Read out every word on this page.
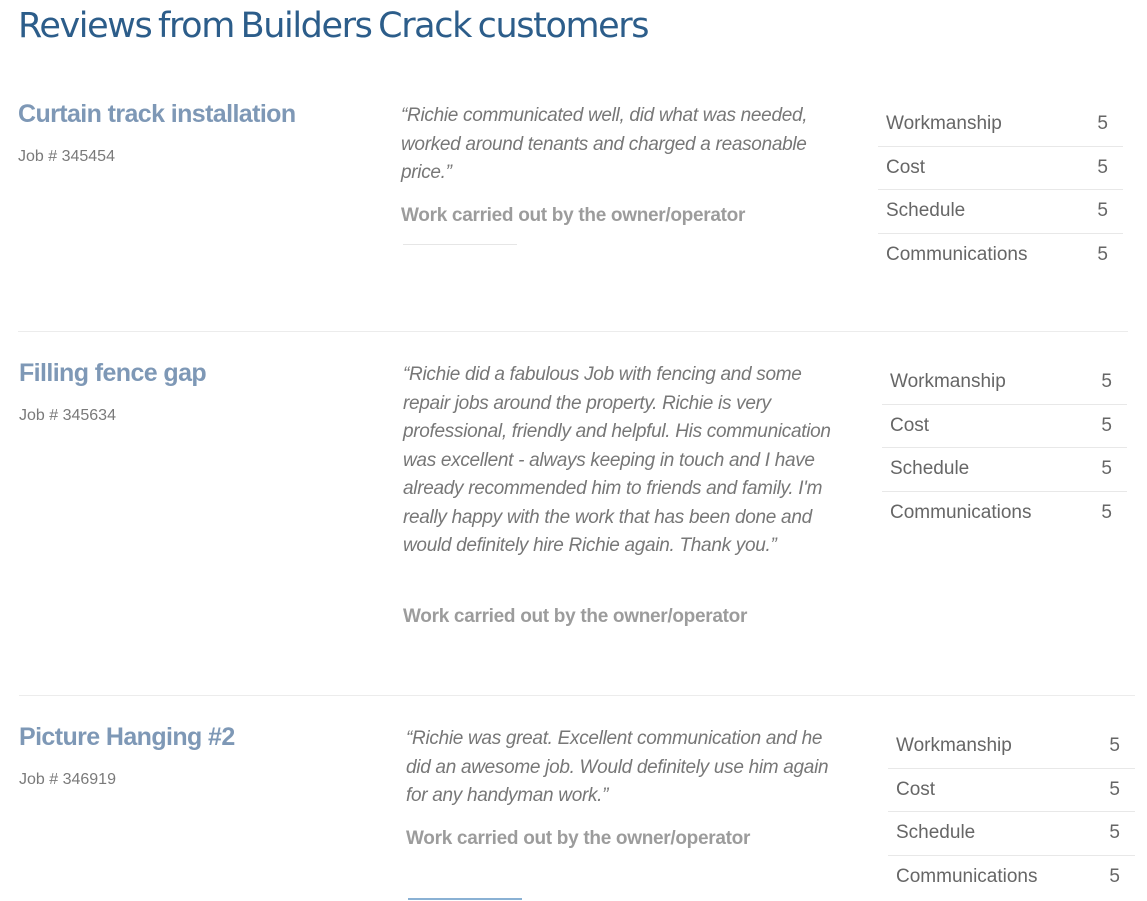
Reviews from Builders Crack customers
Curtain track installation
Job # 345454

“Richie communicated well, did what was needed, worked around tenants and charged a reasonable price.”

Work carried out by the owner/operator
Workmanship	5
Cost	5
Schedule	5
Communications	5
Filling fence gap
Job # 345634

“Richie did a fabulous Job with fencing and some repair jobs around the property. Richie is very professional, friendly and helpful. His communication was excellent - always keeping in touch and I have already recommended him to friends and family. I'm really happy with the work that has been done and would definitely hire Richie again. Thank you.”

Work carried out by the owner/operator
Workmanship	5
Cost	5
Schedule	5
Communications	5
Picture Hanging #2
Job # 346919

“Richie was great. Excellent communication and he did an awesome job. Would definitely use him again for any handyman work.”

Work carried out by the owner/operator
Workmanship	5
Cost	5
Schedule	5
Communications	5
